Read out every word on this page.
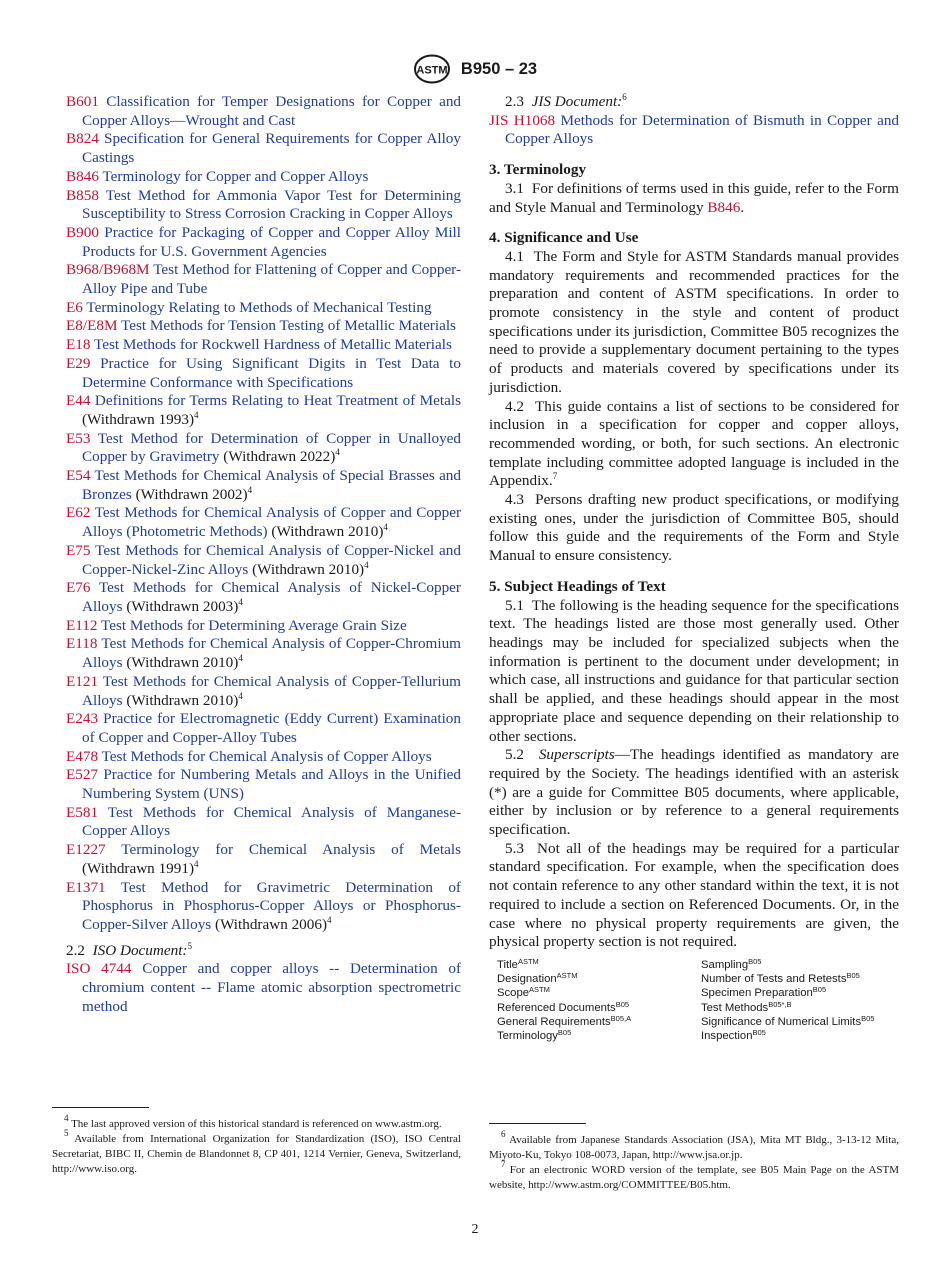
ASTM B950 – 23
B601 Classification for Temper Designations for Copper and Copper Alloys—Wrought and Cast
B824 Specification for General Requirements for Copper Alloy Castings
B846 Terminology for Copper and Copper Alloys
B858 Test Method for Ammonia Vapor Test for Determining Susceptibility to Stress Corrosion Cracking in Copper Alloys
B900 Practice for Packaging of Copper and Copper Alloy Mill Products for U.S. Government Agencies
B968/B968M Test Method for Flattening of Copper and Copper-Alloy Pipe and Tube
E6 Terminology Relating to Methods of Mechanical Testing
E8/E8M Test Methods for Tension Testing of Metallic Materials
E18 Test Methods for Rockwell Hardness of Metallic Materials
E29 Practice for Using Significant Digits in Test Data to Determine Conformance with Specifications
E44 Definitions for Terms Relating to Heat Treatment of Metals (Withdrawn 1993)$^4$
E53 Test Method for Determination of Copper in Unalloyed Copper by Gravimetry (Withdrawn 2022)$^4$
E54 Test Methods for Chemical Analysis of Special Brasses and Bronzes (Withdrawn 2002)$^4$
E62 Test Methods for Chemical Analysis of Copper and Copper Alloys (Photometric Methods) (Withdrawn 2010)$^4$
E75 Test Methods for Chemical Analysis of Copper-Nickel and Copper-Nickel-Zinc Alloys (Withdrawn 2010)$^4$
E76 Test Methods for Chemical Analysis of Nickel-Copper Alloys (Withdrawn 2003)$^4$
E112 Test Methods for Determining Average Grain Size
E118 Test Methods for Chemical Analysis of Copper-Chromium Alloys (Withdrawn 2010)$^4$
E121 Test Methods for Chemical Analysis of Copper-Tellurium Alloys (Withdrawn 2010)$^4$
E243 Practice for Electromagnetic (Eddy Current) Examination of Copper and Copper-Alloy Tubes
E478 Test Methods for Chemical Analysis of Copper Alloys
E527 Practice for Numbering Metals and Alloys in the Unified Numbering System (UNS)
E581 Test Methods for Chemical Analysis of Manganese-Copper Alloys
E1227 Terminology for Chemical Analysis of Metals (Withdrawn 1991)$^4$
E1371 Test Method for Gravimetric Determination of Phosphorus in Phosphorus-Copper Alloys or Phosphorus-Copper-Silver Alloys (Withdrawn 2006)$^4$
2.2 ISO Document:$^5$
ISO 4744 Copper and copper alloys -- Determination of chromium content -- Flame atomic absorption spectrometric method
2.3 JIS Document:$^6$
JIS H1068 Methods for Determination of Bismuth in Copper and Copper Alloys
3. Terminology

3.1 For definitions of terms used in this guide, refer to the Form and Style Manual and Terminology B846.

4. Significance and Use

4.1 The Form and Style for ASTM Standards manual provides mandatory requirements and recommended practices for the preparation and content of ASTM specifications. In order to promote consistency in the style and content of product specifications under its jurisdiction, Committee B05 recognizes the need to provide a supplementary document pertaining to the types of products and materials covered by specifications under its jurisdiction.

4.2 This guide contains a list of sections to be considered for inclusion in a specification for copper and copper alloys, recommended wording, or both, for such sections. An electronic template including committee adopted language is included in the Appendix.$^7$

4.3 Persons drafting new product specifications, or modifying existing ones, under the jurisdiction of Committee B05, should follow this guide and the requirements of the Form and Style Manual to ensure consistency.

5. Subject Headings of Text

5.1 The following is the heading sequence for the specifications text. The headings listed are those most generally used. Other headings may be included for specialized subjects when the information is pertinent to the document under development; in which case, all instructions and guidance for that particular section shall be applied, and these headings should appear in the most appropriate place and sequence depending on their relationship to other sections.

5.2 Superscripts—The headings identified as mandatory are required by the Society. The headings identified with an asterisk (*) are a guide for Committee B05 documents, where applicable, either by inclusion or by reference to a general requirements specification.

5.3 Not all of the headings may be required for a particular standard specification. For example, when the specification does not contain reference to any other standard within the text, it is not required to include a section on Referenced Documents. Or, in the case where no physical property requirements are given, the physical property section is not required.

Title$^{ASTM}$	Sampling$^{B05}$
Designation$^{ASTM}$	Number of Tests and Retests$^{B05}$
Scope$^{ASTM}$	Specimen Preparation$^{B05}$
Referenced Documents$^{B05}$	Test Methods$^{B05*,B}$
General Requirements$^{B05,A}$	Significance of Numerical Limits$^{B05}$
Terminology$^{B05}$	Inspection$^{B05}$
$^4$ The last approved version of this historical standard is referenced on www.astm.org.
$^5$ Available from International Organization for Standardization (ISO), ISO Central Secretariat, BIBC II, Chemin de Blandonnet 8, CP 401, 1214 Vernier, Geneva, Switzerland, http://www.iso.org.
$^6$ Available from Japanese Standards Association (JSA), Mita MT Bldg., 3-13-12 Mita, Miyoto-Ku, Tokyo 108-0073, Japan, http://www.jsa.or.jp.
$^7$ For an electronic WORD version of the template, see B05 Main Page on the ASTM website, http://www.astm.org/COMMITTEE/B05.htm.
2
